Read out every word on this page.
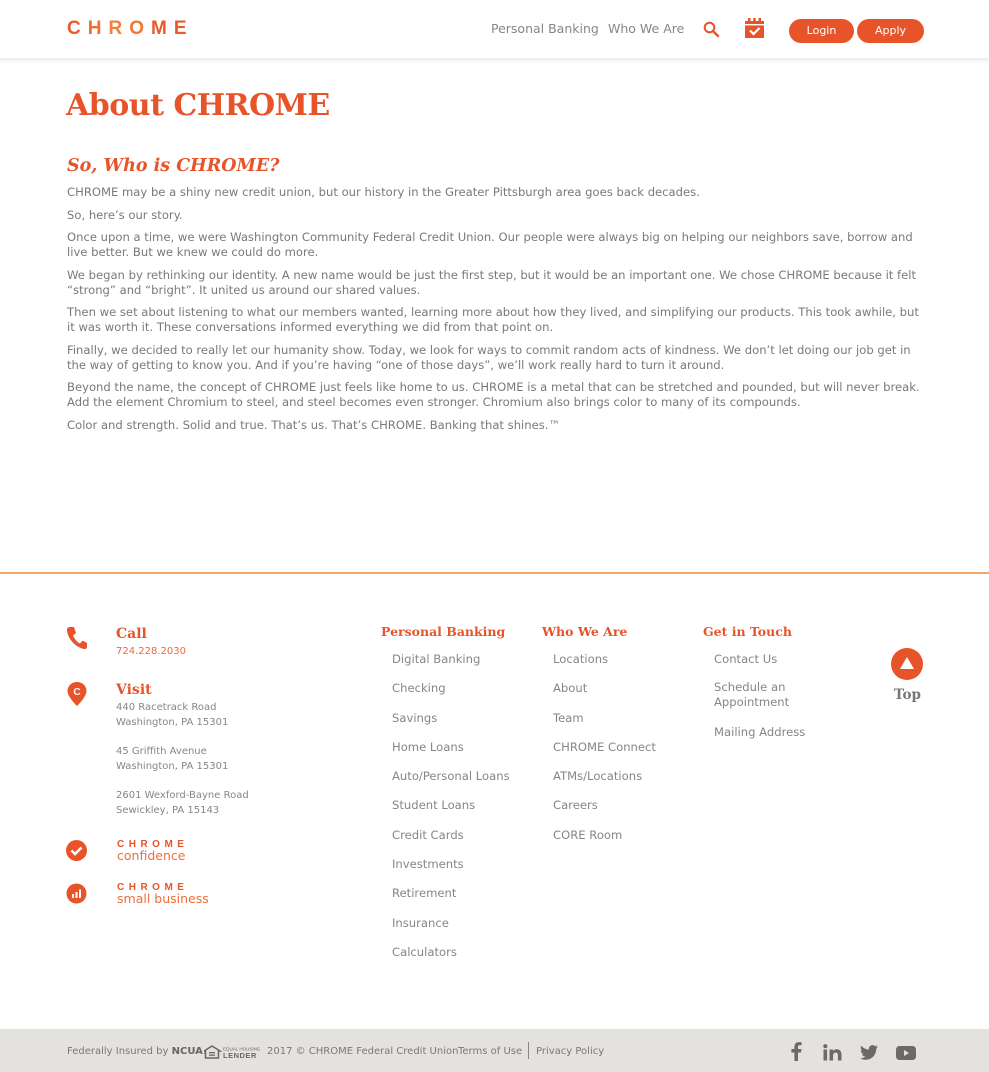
CHROME	Personal Banking Who We Are	Login	Apply
About CHROME
So, Who is CHROME?

CHROME may be a shiny new credit union, but our history in the Greater Pittsburgh area goes back decades.

So, here’s our story.

Once upon a time, we were Washington Community Federal Credit Union. Our people were always big on helping our neighbors save, borrow and live better. But we knew we could do more.

We began by rethinking our identity. A new name would be just the first step, but it would be an important one. We chose CHROME because it felt “strong” and “bright”. It united us around our shared values.

Then we set about listening to what our members wanted, learning more about how they lived, and simplifying our products. This took awhile, but it was worth it. These conversations informed everything we did from that point on.

Finally, we decided to really let our humanity show. Today, we look for ways to commit random acts of kindness. We don’t let doing our job get in the way of getting to know you. And if you’re having “one of those days”, we’ll work really hard to turn it around.

Beyond the name, the concept of CHROME just feels like home to us. CHROME is a metal that can be stretched and pounded, but will never break. Add the element Chromium to steel, and steel becomes even stronger. Chromium also brings color to many of its compounds.

Color and strength. Solid and true. That’s us. That’s CHROME. Banking that shines.™

Call
724.228.2030
C	Visit
440 Racetrack Road
Washington, PA 15301
45 Griffith Avenue
Washington, PA 15301
2601 Wexford-Bayne Road
Sewickley, PA 15143
CHROME
confidence
CHROME
small business
Personal Banking
Digital Banking
Checking
Savings
Home Loans
Auto/Personal Loans
Student Loans
Credit Cards
Investments
Retirement
Insurance
Calculators
Who We Are
Locations
About
Team
CHROME Connect
ATMs/Locations
Careers
CORE Room
Get in Touch
Contact Us
Schedule an Appointment
Mailing Address
Top
Federally Insured by NCUA.	EQUAL HOUSING
LENDER 2017 © CHROME Federal Credit Union Terms of Use Privacy Policy
